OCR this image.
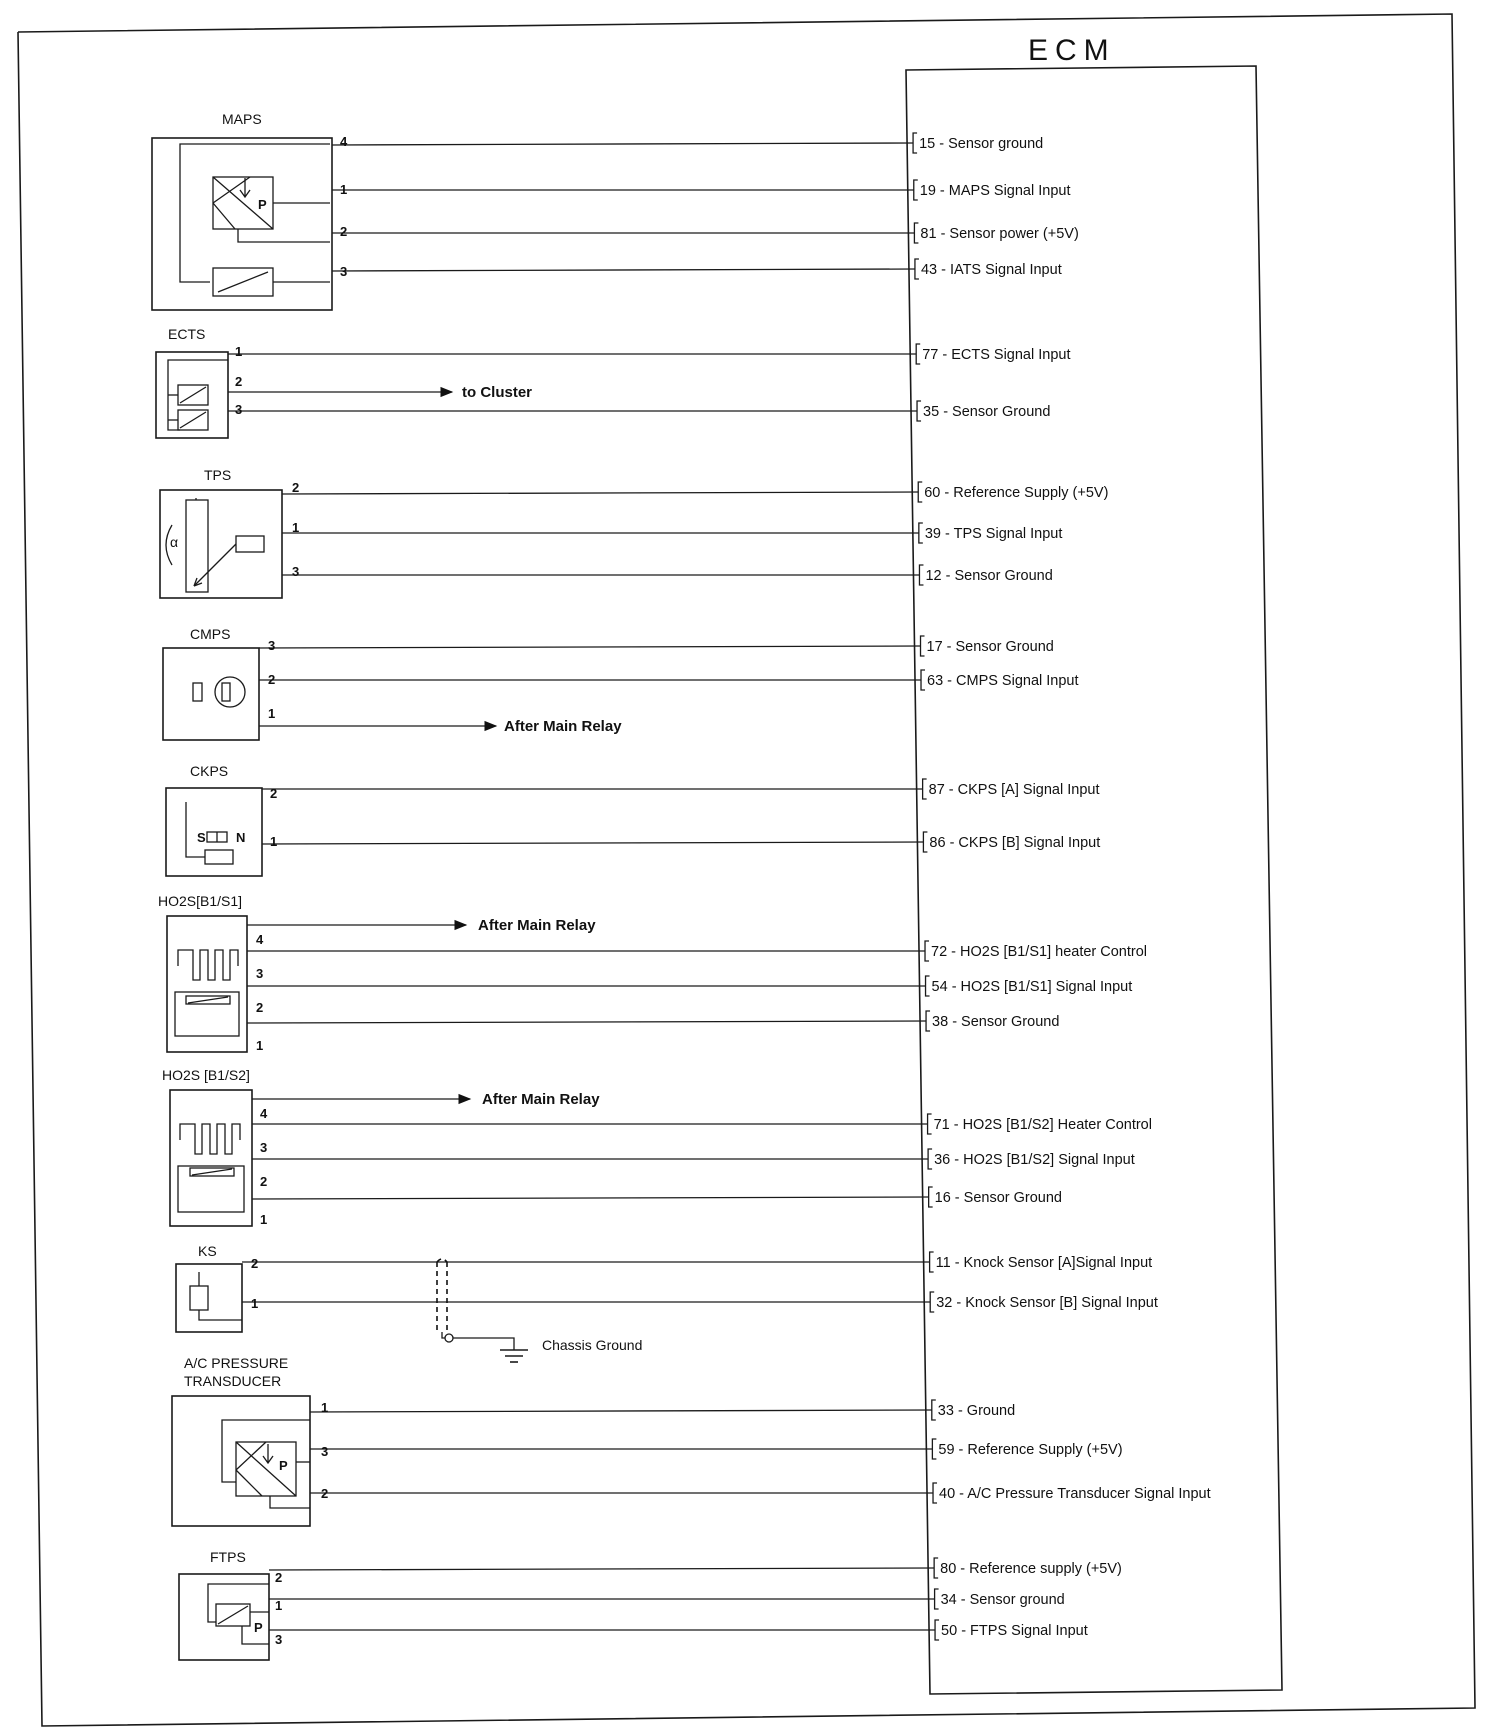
ECM
15 - Sensor ground
19 - MAPS Signal Input
81 - Sensor power (+5V)
43 - IATS Signal Input
77 - ECTS Signal Input
35 - Sensor Ground
60 - Reference Supply (+5V)
39 - TPS Signal Input
12 - Sensor Ground
17 - Sensor Ground
63 - CMPS Signal Input
87 - CKPS [A] Signal Input
86 - CKPS [B] Signal Input
72 - HO2S [B1/S1] heater Control
54 - HO2S [B1/S1] Signal Input
38 - Sensor Ground
71 - HO2S [B1/S2] Heater Control
36 - HO2S [B1/S2] Signal Input
16 - Sensor Ground
11 - Knock Sensor [A]Signal Input
32 - Knock Sensor [B] Signal Input
33 - Ground
59 - Reference Supply (+5V)
40 - A/C Pressure Transducer Signal Input
80 - Reference supply (+5V)
34 - Sensor ground
50 - FTPS Signal Input
MAPS
P
4
1
2
3
ECTS
1
2
3
TPS
α
2
1
3
CMPS
3
2
1
CKPS
S N
2
1
HO2S[B1/S1]
4
3
2
1
HO2S [B1/S2]
4
3
2
1
KS
2
1
Chassis Ground
A/C PRESSURE
TRANSDUCER
P
1
3
2
FTPS
P
2
1
3
to Cluster
After Main Relay
After Main Relay
After Main Relay
